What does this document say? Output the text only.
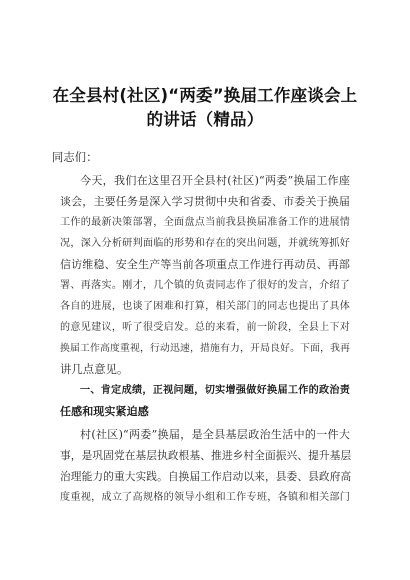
在全县村(社区)“两委”换届工作座谈会上
的讲话（精品）
同志们：
今天，我们在这里召开全县村(社区)“两委”换届工作座
谈会，主要任务是深入学习贯彻中央和省委、市委关于换届
工作的最新决策部署，全面盘点当前我县换届准备工作的进展情
况，深入分析研判面临的形势和存在的突出问题，并就统筹抓好
信访维稳、安全生产等当前各项重点工作进行再动员、再部
署、再落实。刚才，几个镇的负责同志作了很好的发言，介绍了
各自的进展，也谈了困难和打算，相关部门的同志也提出了具体
的意见建议，听了很受启发。总的来看，前一阶段，全县上下对
换届工作高度重视，行动迅速，措施有力，开局良好。下面，我再
讲几点意见。
一、肯定成绩，正视问题，切实增强做好换届工作的政治责
任感和现实紧迫感
村(社区)“两委”换届，是全县基层政治生活中的一件大
事，是巩固党在基层执政根基、推进乡村全面振兴、提升基层
治理能力的重大实践。自换届工作启动以来，县委、县政府高
度重视，成立了高规格的领导小组和工作专班，各镇和相关部门
